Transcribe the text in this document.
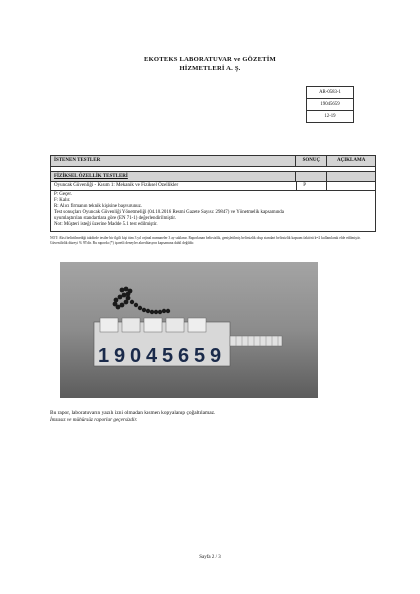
EKOTEKS LABORATUVAR ve GÖZETİM
HİZMETLERİ A. Ş.
AR-0583-1
19045659
12-19
İSTENEN TESTLER	SONUÇ	AÇIKLAMA
FİZİKSEL ÖZELLİK TESTLERİ
Oyuncak Güvenliği - Kısım 1: Mekanik ve Fiziksel Özellikler	P
P: Geçer.
F: Kalır.
R: Alıcı firmanın teknik kişisine başvurunuz.
Test sonuçları Oyuncak Güvenliği Yönetmeliği (04.10.2016 Resmi Gazete Sayısı: 29847) ve Yönetmelik kapsamında
uyumlaştırılan standartlara göre (EN 71-1) değerlendirilmiştir.
Not: Müşteri isteği üzerine Madde 5.1 test edilmiştir.
NOT: Aksi belirtilmediği takdirde testler bir ilgili kişi tüm 3 yıl orjinal numuneler 3 ay saklanır. Raporlanan belirsizlik, genişletilmiş belirsizlik olup standart belirsizlik kapsam faktörü k=2 kullanılarak elde edilmiştir. Güvenilirlik düzeyi % 95'dir. Bu raporda (*) işaretli deneyler akreditasyon kapsamına dahil değildir.
1 9 0 4 5 6 5 9
Bu rapor, laboratuvarın yazılı izni olmadan kısmen kopyalanıp çoğaltılamaz.
İmzasız ve mühürsüz raporlar geçersizdir.
Sayfa 2 / 3
